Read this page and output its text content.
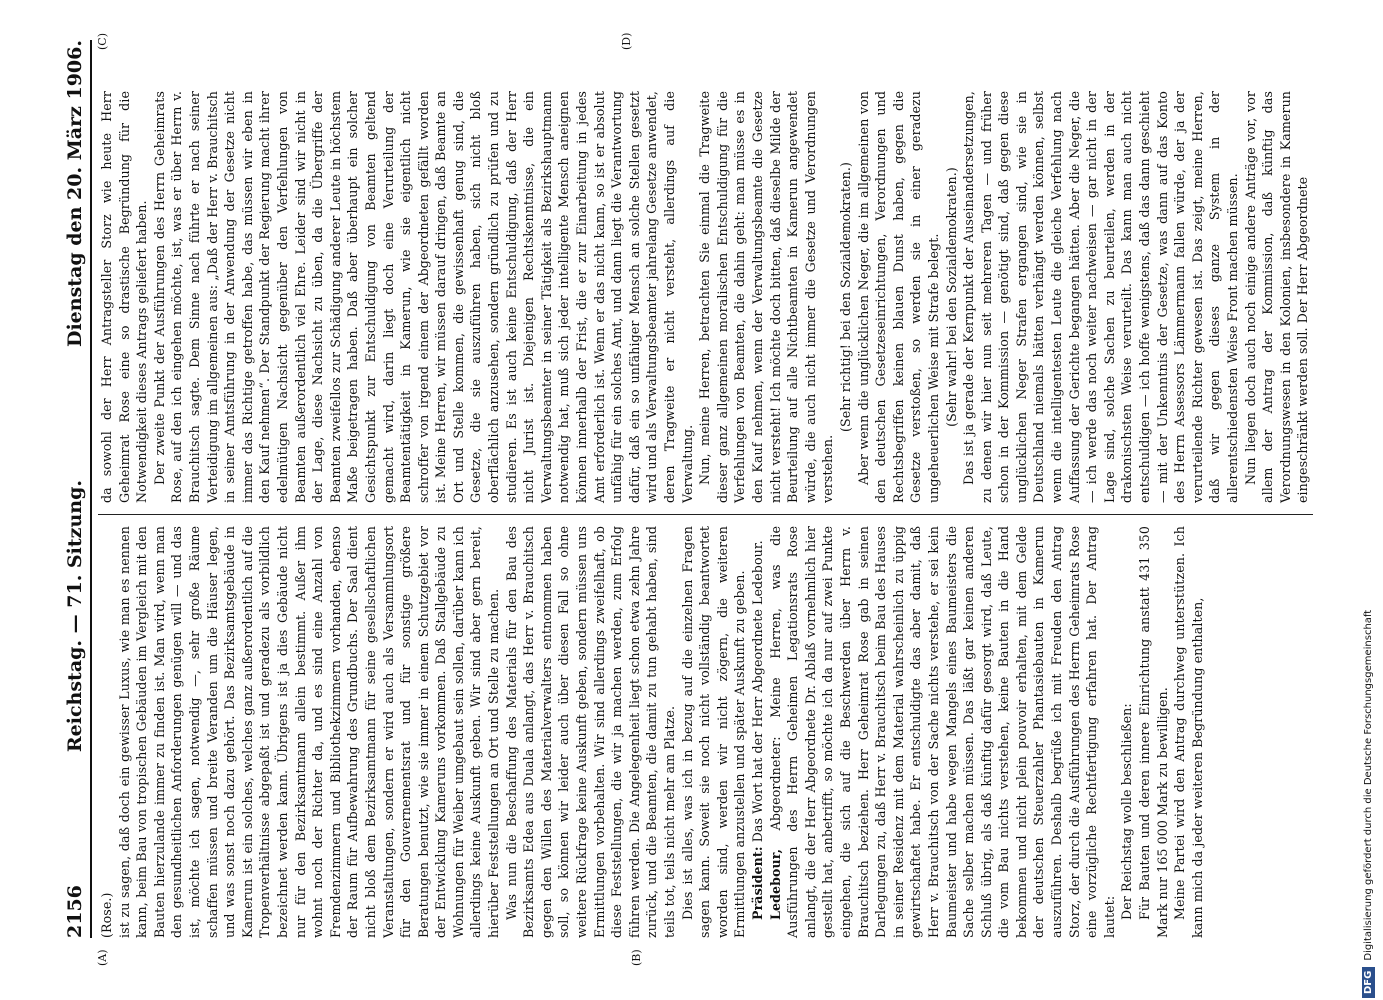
2156
Reichstag. — 71. Sitzung.
Dienstag den 20. März 1906.
(A)	(B)
(C)	(D)

(Rose.) ist zu sagen, daß doch ein gewisser Luxus, wie man es nennen kann, beim Bau von tropischen Gebäuden im Vergleich mit den Bauten hierzulande immer zu finden ist. Man wird, wenn man den gesundheitlichen Anforderungen genügen will — und das ist, möchte ich sagen, notwendig —, sehr große Räume schaffen müssen und breite Veranden um die Häuser legen, und was sonst noch dazu gehört. Das Bezirksamtsgebäude in Kamerun ist ein solches, welches ganz außerordentlich auf die Tropenverhältnisse abgepaßt ist und geradezu als vorbildlich bezeichnet werden kann. Übrigens ist ja dies Gebäude nicht nur für den Bezirksamtmann allein bestimmt. Außer ihm wohnt noch der Richter da, und es sind eine Anzahl von Fremdenzimmern und Bibliothekzimmern vorhanden, ebenso der Raum für Aufbewahrung des Grundbuchs. Der Saal dient nicht bloß dem Bezirksamtmann für seine gesellschaftlichen Veranstaltungen, sondern er wird auch als Versammlungsort für den Gouvernementsrat und für sonstige größere Beratungen benutzt, wie sie immer in einem Schutzgebiet vor der Entwicklung Kameruns vorkommen. Daß Stallgebäude zu Wohnungen für Weiber umgebaut sein sollen, darüber kann ich allerdings keine Auskunft geben. Wir sind aber gern bereit, hierüber Feststellungen an Ort und Stelle zu machen. Was nun die Beschaffung des Materials für den Bau des Bezirksamts Edea aus Duala anlangt, das Herr v. Brauchitsch gegen den Willen des Materialverwalters entnommen haben soll, so können wir leider auch über diesen Fall so ohne weitere Rückfrage keine Auskunft geben, sondern müssen uns Ermittlungen vorbehalten. Wir sind allerdings zweifelhaft, ob diese Feststellungen, die wir ja machen werden, zum Erfolg führen werden. Die Angelegenheit liegt schon etwa zehn Jahre zurück, und die Beamten, die damit zu tun gehabt haben, sind teils tot, teils nicht mehr am Platze. Dies ist alles, was ich in bezug auf die einzelnen Fragen sagen kann. Soweit sie noch nicht vollständig beantwortet worden sind, werden wir nicht zögern, die weiteren Ermittlungen anzustellen und später Auskunft zu geben. Präsident: Das Wort hat der Herr Abgeordnete Ledebour.

Ledebour, Abgeordneter: Meine Herren, was die Ausführungen des Herrn Geheimen Legationsrats Rose anlangt, die der Herr Abgeordnete Dr. Ablaß vornehmlich hier gestellt hat, anbetrifft, so möchte ich da nur auf zwei Punkte eingehen, die sich auf die Beschwerden über Herrn v. Brauchitsch beziehen. Herr Geheimrat Rose gab in seinen Darlegungen zu, daß Herr v. Brauchitsch beim Bau des Hauses in seiner Residenz mit dem Material wahrscheinlich zu üppig gewirtschaftet habe. Er entschuldigte das aber damit, daß Herr v. Brauchitsch von der Sache nichts verstehe, er sei kein Baumeister und habe wegen Mangels eines Baumeisters die Sache selber machen müssen. Das läßt gar keinen anderen Schluß übrig, als daß künftig dafür gesorgt wird, daß Leute, die vom Bau nichts verstehen, keine Bauten in die Hand bekommen und nicht plein pouvoir erhalten, mit dem Gelde der deutschen Steuerzahler Phantasiebauten in Kamerun auszuführen. Deshalb begrüße ich mit Freuden den Antrag Storz, der durch die Ausführungen des Herrn Geheimrats Rose eine vorzügliche Rechtfertigung erfahren hat. Der Antrag lautet: Der Reichstag wolle beschließen: Für Bauten und deren innere Einrichtung anstatt 431 350 Mark nur 165 000 Mark zu bewilligen. Meine Partei wird den Antrag durchweg unterstützen. Ich kann mich da jeder weiteren Begründung enthalten,

da sowohl der Herr Antragsteller Storz wie heute Herr Geheimrat Rose eine so drastische Begründung für die Notwendigkeit dieses Antrags geliefert haben. Der zweite Punkt der Ausführungen des Herrn Geheimrats Rose, auf den ich eingehen möchte, ist, was er über Herrn v. Brauchitsch sagte. Dem Sinne nach führte er nach seiner Verteidigung im allgemeinen aus: „Daß der Herr v. Brauchitsch in seiner Amtsführung in der Anwendung der Gesetze nicht immer das Richtige getroffen habe, das müssen wir eben in den Kauf nehmen“. Der Standpunkt der Regierung macht ihrer edelmütigen Nachsicht gegenüber den Verfehlungen von Beamten außerordentlich viel Ehre. Leider sind wir nicht in der Lage, diese Nachsicht zu üben, da die Übergriffe der Beamten zweifellos zur Schädigung anderer Leute in höchstem Maße beigetragen haben. Daß aber überhaupt ein solcher Gesichtspunkt zur Entschuldigung von Beamten geltend gemacht wird, darin liegt doch eine Verurteilung der Beamtentätigkeit in Kamerun, wie sie eigentlich nicht schroffer von irgend einem der Abgeordneten gefällt worden ist. Meine Herren, wir müssen darauf dringen, daß Beamte an Ort und Stelle kommen, die gewissenhaft genug sind, die Gesetze, die sie auszuführen haben, sich nicht bloß oberflächlich anzusehen, sondern gründlich zu prüfen und zu studieren. Es ist auch keine Entschuldigung, daß der Herr nicht Jurist ist. Diejenigen Rechtskenntnisse, die ein Verwaltungsbeamter in seiner Tätigkeit als Bezirkshauptmann notwendig hat, muß sich jeder intelligente Mensch aneignen können innerhalb der Frist, die er zur Einarbeitung in jedes Amt erforderlich ist. Wenn er das nicht kann, so ist er absolut unfähig für ein solches Amt, und dann liegt die Verantwortung dafür, daß ein so unfähiger Mensch an solche Stellen gesetzt wird und als Verwaltungsbeamter jahrelang Gesetze anwendet, deren Tragweite er nicht versteht, allerdings auf die Verwaltung. Nun, meine Herren, betrachten Sie einmal die Tragweite dieser ganz allgemeinen moralischen Entschuldigung für die Verfehlungen von Beamten, die dahin geht: man müsse es in den Kauf nehmen, wenn der Verwaltungsbeamte die Gesetze nicht versteht! Ich möchte doch bitten, daß dieselbe Milde der Beurteilung auf alle Nichtbeamten in Kamerun angewendet würde, die auch nicht immer die Gesetze und Verordnungen verstehen.

(Sehr richtig! bei den Sozialdemokraten.) Aber wenn die unglücklichen Neger, die im allgemeinen von den deutschen Gesetzeseinrichtungen, Verordnungen und Rechtsbegriffen keinen blauen Dunst haben, gegen die Gesetze verstoßen, so werden sie in einer geradezu ungeheuerlichen Weise mit Strafe belegt. (Sehr wahr! bei den Sozialdemokraten.) Das ist ja gerade der Kernpunkt der Auseinandersetzungen, zu denen wir hier nun seit mehreren Tagen — und früher schon in der Kommission — genötigt sind, daß gegen diese unglücklichen Neger Strafen ergangen sind, wie sie in Deutschland niemals hätten verhängt werden können, selbst wenn die intelligentesten Leute die gleiche Verfehlung nach Auffassung der Gerichte begangen hätten. Aber die Neger, die — ich werde das noch weiter nachweisen — gar nicht in der Lage sind, solche Sachen zu beurteilen, werden in der drakonischsten Weise verurteilt. Das kann man auch nicht entschuldigen — ich hoffe wenigstens, daß das dann geschieht — mit der Unkenntnis der Gesetze, was dann auf das Konto des Herrn Assessors Lämmermann fallen würde, der ja der verurteilende Richter gewesen ist. Das zeigt, meine Herren, daß wir gegen dieses ganze System in der allerentschiedensten Weise Front machen müssen. Nun liegen doch auch noch einige andere Anträge vor, vor allem der Antrag der Kommission, daß künftig das Verordnungswesen in den Kolonien, insbesondere in Kamerun eingeschränkt werden soll. Der Herr Abgeordnete

DFGDigitalisierung gefördert durch die Deutsche Forschungsgemeinschaft
